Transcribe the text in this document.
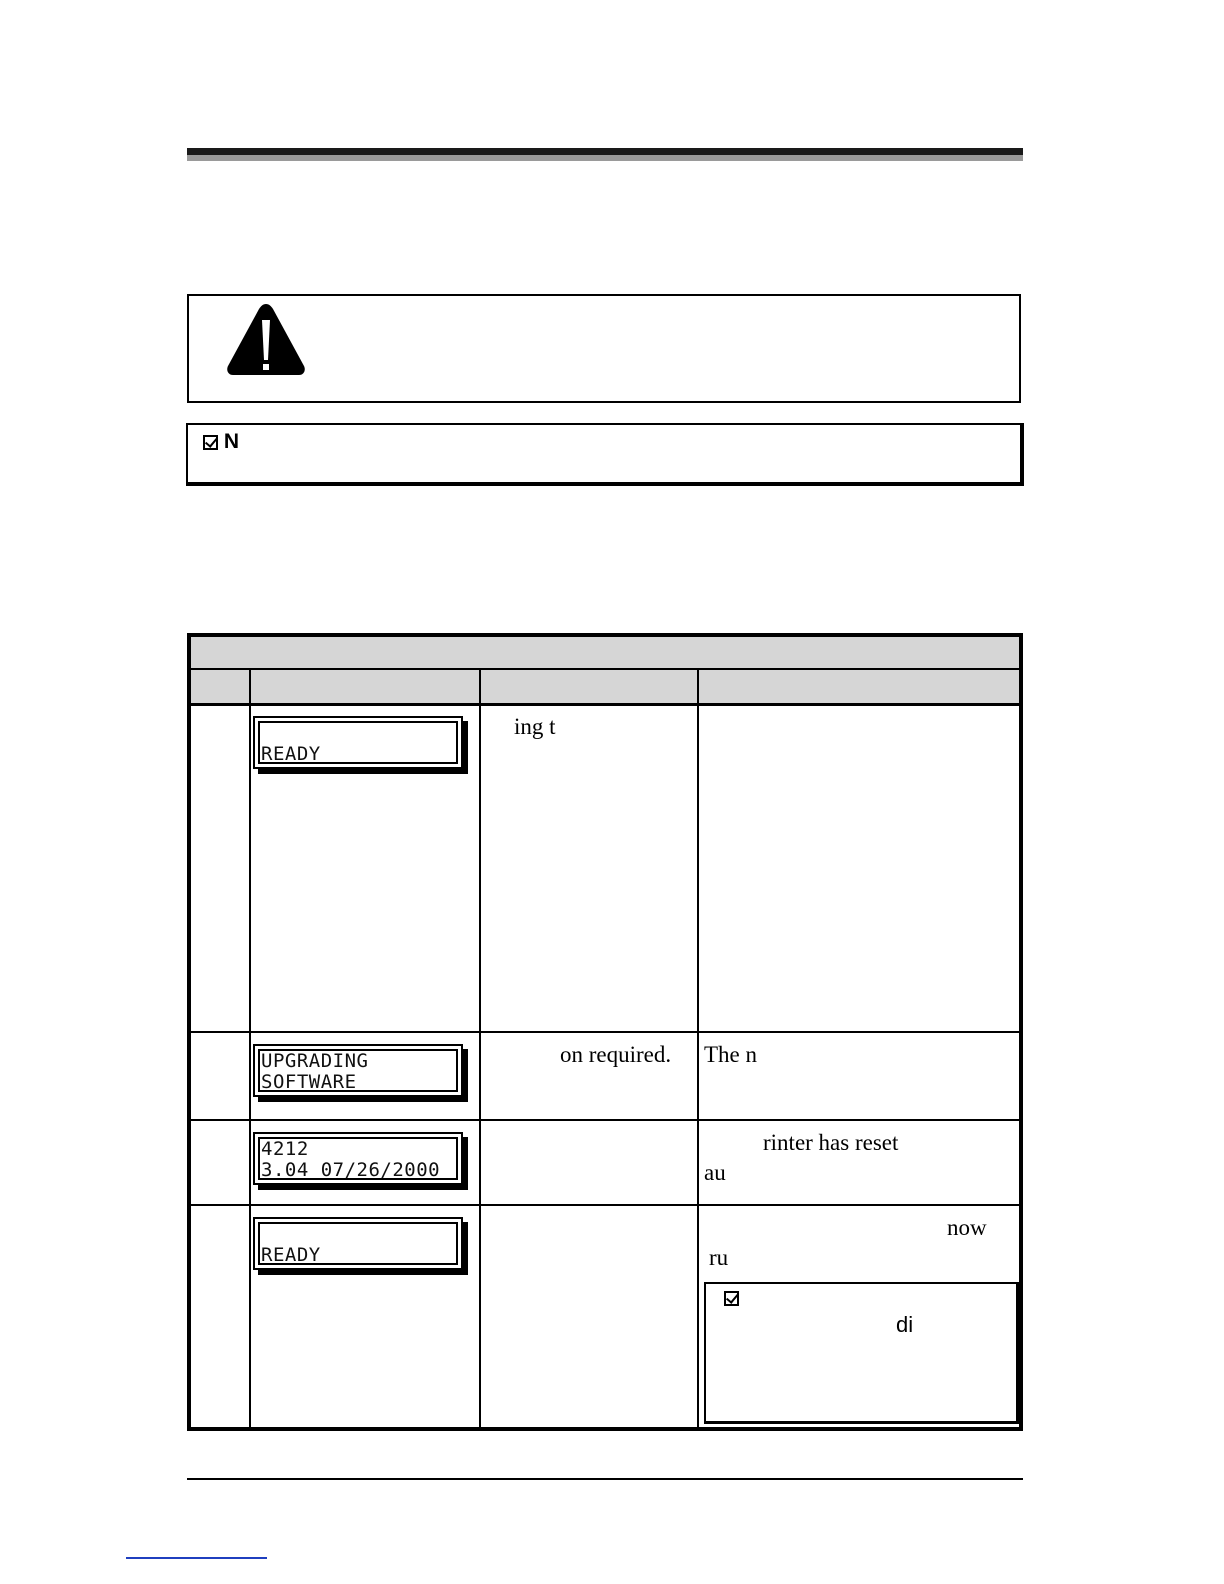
N
READY
ing t
UPGRADING
SOFTWARE
on required. The n
4212
3.04 07/26/2000
rinter has reset
au
READY
now
ru
di
